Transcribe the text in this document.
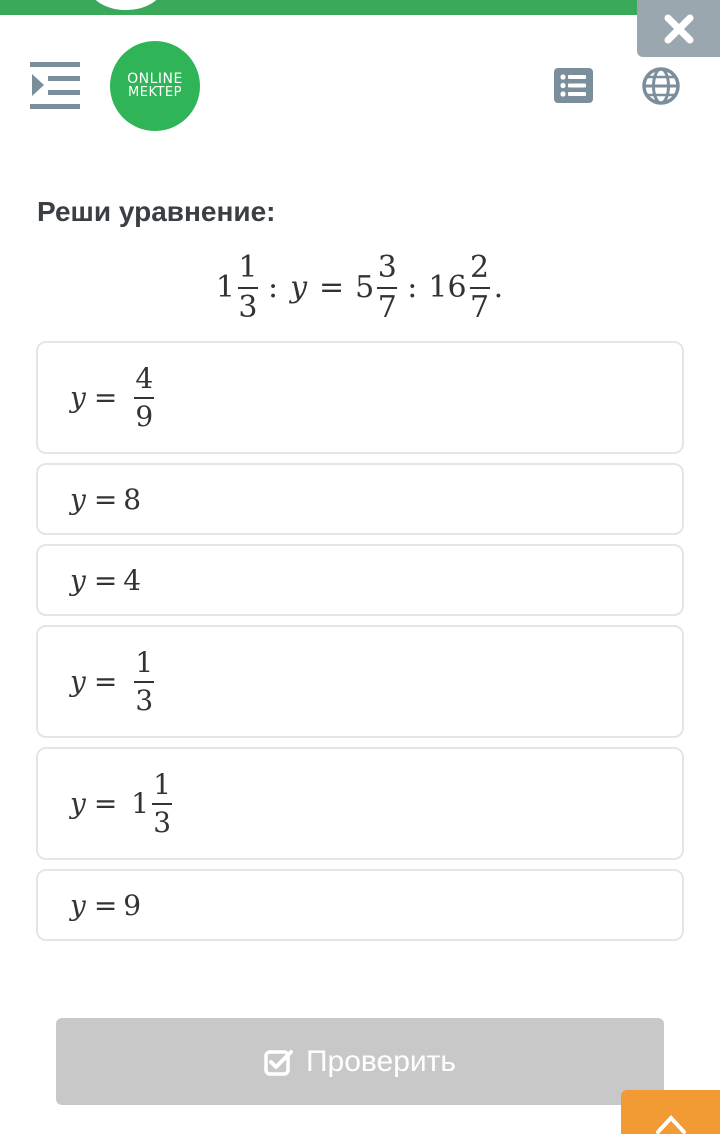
ONLINE
MEKTEP
Реши уравнение:
$1 \frac{1}{3}$ : $y = 5 \frac{3}{7}$ : $16 \frac{2}{7}$ .
$y = \frac{4}{9}$
y = 8
y = 4
$y = \frac{1}{3}$
$y = 1 \frac{1}{3}$
y = 9
Проверить
